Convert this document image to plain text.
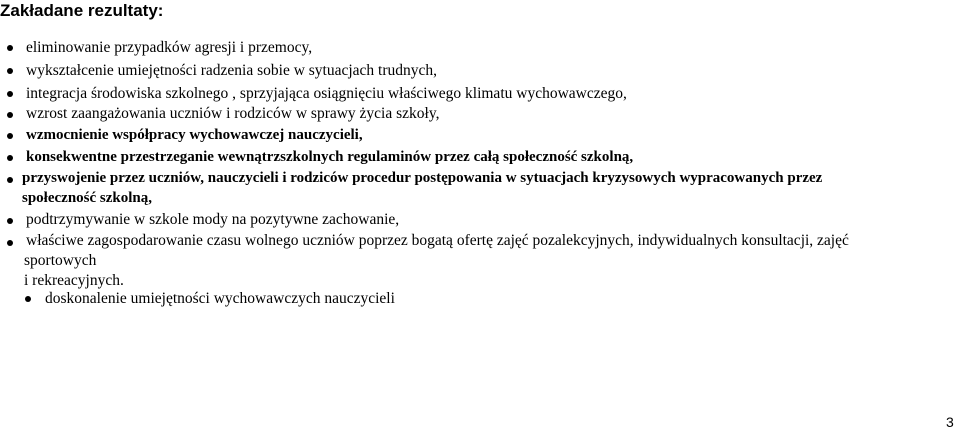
Zakładane rezultaty:
eliminowanie przypadków agresji i przemocy,
wykształcenie umiejętności radzenia sobie w sytuacjach trudnych,
integracja środowiska szkolnego , sprzyjająca osiągnięciu właściwego klimatu wychowawczego,
wzrost zaangażowania uczniów i rodziców w sprawy życia szkoły,
wzmocnienie współpracy wychowawczej nauczycieli,
konsekwentne przestrzeganie wewnątrzszkolnych regulaminów przez całą społeczność szkolną,
przyswojenie przez uczniów, nauczycieli i rodziców procedur postępowania w sytuacjach kryzysowych wypracowanych przez
społeczność szkolną,
podtrzymywanie w szkole mody na pozytywne zachowanie,
właściwe zagospodarowanie czasu wolnego uczniów poprzez bogatą ofertę zajęć pozalekcyjnych, indywidualnych konsultacji, zajęć
sportowych
i rekreacyjnych.
doskonalenie umiejętności wychowawczych nauczycieli
3
